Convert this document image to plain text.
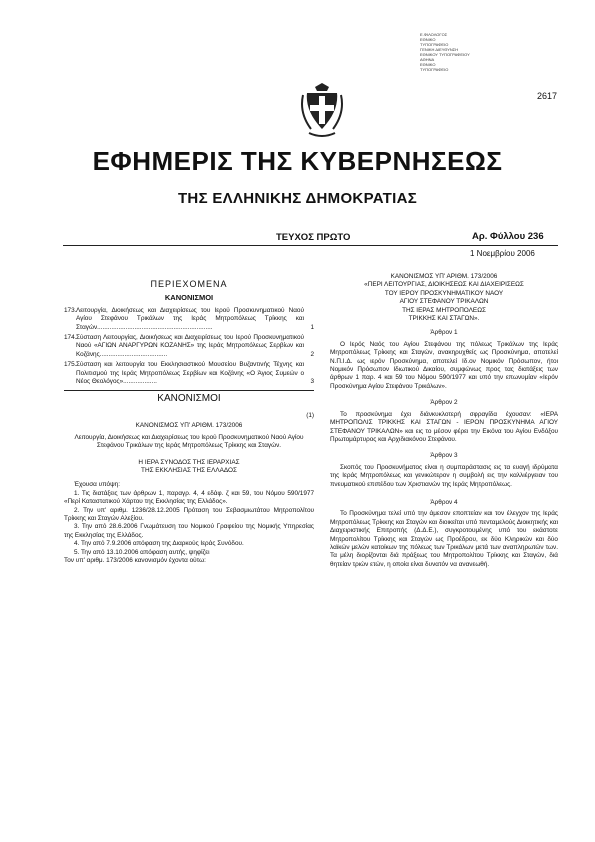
Ε.ΦΙΛΟΛΟΓΟΣ
ΕΘΝΙΚΟ
ΤΥΠΟΓΡΑΦΕΙΟ
ΓΕΝΙΚΗ ΔΙΕΥΘΥΝΣΗ
ΕΘΝΙΚΟΥ ΤΥΠΟΓΡΑΦΕΙΟΥ
ΑΘΗΝΑ
ΕΘΝΙΚΟ
ΤΥΠΟΓΡΑΦΕΙΟ
2617
ΕΦΗΜΕΡΙΣ ΤΗΣ ΚΥΒΕΡΝΗΣΕΩΣ
ΤΗΣ ΕΛΛΗΝΙΚΗΣ ΔΗΜΟΚΡΑΤΙΑΣ
ΤΕΥΧΟΣ ΠΡΩΤΟ	Αρ. Φύλλου 236
1 Νοεμβρίου 2006
ΠΕΡΙΕΧΟΜΕΝΑ
ΚΑΝΟΝΙΣΜΟΙ
173. Λειτουργία, Διοικήσεως και Διαχειρίσεως του Ιερού Προσκυνηματικού Ναού Αγίου Στεφάνου Τρικάλων της Ιεράς Μητροπόλεως Τρίκκης και Σταγών.................................................................	1
174. Σύσταση Λειτουργίας, Διοικήσεως και Διαχειρίσεως του Ιερού Προσκυνηματικού Ναού «ΑΓΙΩΝ ΑΝΑΡΓΥΡΩΝ ΚΟΖΑΝΗΣ» της Ιεράς Μητροπόλεως Σερβίων και Κοζάνης......................................	2
175. Σύσταση και λειτουργία του Εκκλησιαστικού Μουσείου Βυζαντινής Τέχνης και Πολιτισμού της Ιεράς Μητροπόλεως Σερβίων και Κοζάνης «Ο Άγιος Συμεών ο Νέος Θεολόγος»...................	3
ΚΑΝΟΝΙΣΜΟΙ
(1)
ΚΑΝΟΝΙΣΜΟΣ ΥΠ' ΑΡΙΘΜ. 173/2006

Λειτουργία, Διοικήσεως και Διαχειρίσεως του Ιερού Προσκυνηματικού Ναού Αγίου Στεφάνου Τρικάλων της Ιεράς Μητροπόλεως Τρίκκης και Σταγών.

Η ΙΕΡΑ ΣΥΝΟΔΟΣ ΤΗΣ ΙΕΡΑΡΧΙΑΣ
ΤΗΣ ΕΚΚΛΗΣΙΑΣ ΤΗΣ ΕΛΛΑΔΟΣ

Έχουσα υπόψη:

1. Τις διατάξεις των άρθρων 1, παραγρ. 4, 4 εδάφ. ζ και 59, του Νόμου 590/1977 «Περί Καταστατικού Χάρτου της Εκκλησίας της Ελλάδος».

2. Την υπ' αριθμ. 1236/28.12.2005 Πρόταση του Σεβασμιωτάτου Μητροπολίτου Τρίκκης και Σταγών Αλεξίου.

3. Την από 28.6.2006 Γνωμάτευση του Νομικού Γραφείου της Νομικής Υπηρεσίας της Εκκλησίας της Ελλάδος.

4. Την από 7.9.2006 απόφαση της Διαρκούς Ιεράς Συνόδου.

5. Την από 13.10.2006 απόφαση αυτής, ψηφίζει

Τον υπ' αριθμ. 173/2006 κανονισμόν έχοντα ούτω:

ΚΑΝΟΝΙΣΜΟΣ ΥΠ' ΑΡΙΘΜ. 173/2006
«ΠΕΡΙ ΛΕΙΤΟΥΡΓΙΑΣ, ΔΙΟΙΚΗΣΕΩΣ ΚΑΙ ΔΙΑΧΕΙΡΙΣΕΩΣ
ΤΟΥ ΙΕΡΟΥ ΠΡΟΣΚΥΝΗΜΑΤΙΚΟΥ ΝΑΟΥ
ΑΓΙΟΥ ΣΤΕΦΑΝΟΥ ΤΡΙΚΑΛΩΝ
ΤΗΣ ΙΕΡΑΣ ΜΗΤΡΟΠΟΛΕΩΣ
ΤΡΙΚΚΗΣ ΚΑΙ ΣΤΑΓΩΝ».
Άρθρον 1

Ο Ιερός Ναός του Αγίου Στεφάνου της πόλεως Τρικάλων της Ιεράς Μητροπόλεως Τρίκκης και Σταγών, ανακηρυχθείς ως Προσκύνημα, αποτελεί Ν.Π.Ι.Δ. ως ιερόν Προσκύνημα, αποτελεί Ιδ.ον Νομικόν Πρόσωπον, ήτοι Νομικόν Πρόσωπον Ιδιωτικού Δικαίου, συμφώνως προς τας διατάξεις των άρθρων 1 παρ. 4 και 59 του Νόμου 590/1977 και υπό την επωνυμίαν «Ιερόν Προσκύνημα Αγίου Στεφάνου Τρικάλων».

Άρθρον 2

Το προσκύνημα έχει διάνκυκλοτερή σφραγίδα έχουσαν: «ΙΕΡΑ ΜΗΤΡΟΠΟΛΙΣ ΤΡΙΚΚΗΣ ΚΑΙ ΣΤΑΓΩΝ - ΙΕΡΟΝ ΠΡΟΣΚΥΝΗΜΑ ΑΓΙΟΥ ΣΤΕΦΑΝΟΥ ΤΡΙΚΑΛΩΝ» και εις το μέσον φέρει την Εικόνα του Αγίου Ενδόξου Πρωτομάρτυρος και Αρχιδιακόνου Στεφάνου.

Άρθρον 3

Σκοπός του Προσκυνήματος είναι η συμπαράστασις εις τα ευαγή ιδρύματα της Ιεράς Μητροπόλεως και γενικώτερον η συμβολή εις την καλλιέργειαν του πνευματικού επιπέδου των Χριστιανών της Ιεράς Μητροπόλεως.

Άρθρον 4

Το Προσκύνημα τελεί υπό την άμεσον εποπτείαν και τον έλεγχον της Ιεράς Μητροπόλεως Τρίκκης και Σταγών και διοικείται υπό πενταμελούς Διοικητικής και Διαχειριστικής Επιτροπής (Δ.Δ.Ε.), συγκροτουμένης υπό του εκάστοτε Μητροπολίτου Τρίκκης και Σταγών ως Προέδρου, εκ δύο Κληρικών και δύο λαϊκών μελών κατοίκων της πόλεως των Τρικάλων μετά των αναπληρωτών των. Τα μέλη διορίζονται διά πράξεως του Μητροπολίτου Τρίκκης και Σταγών, διά θητείαν τριών ετών, η οποία είναι δυνατόν να ανανεωθή.
